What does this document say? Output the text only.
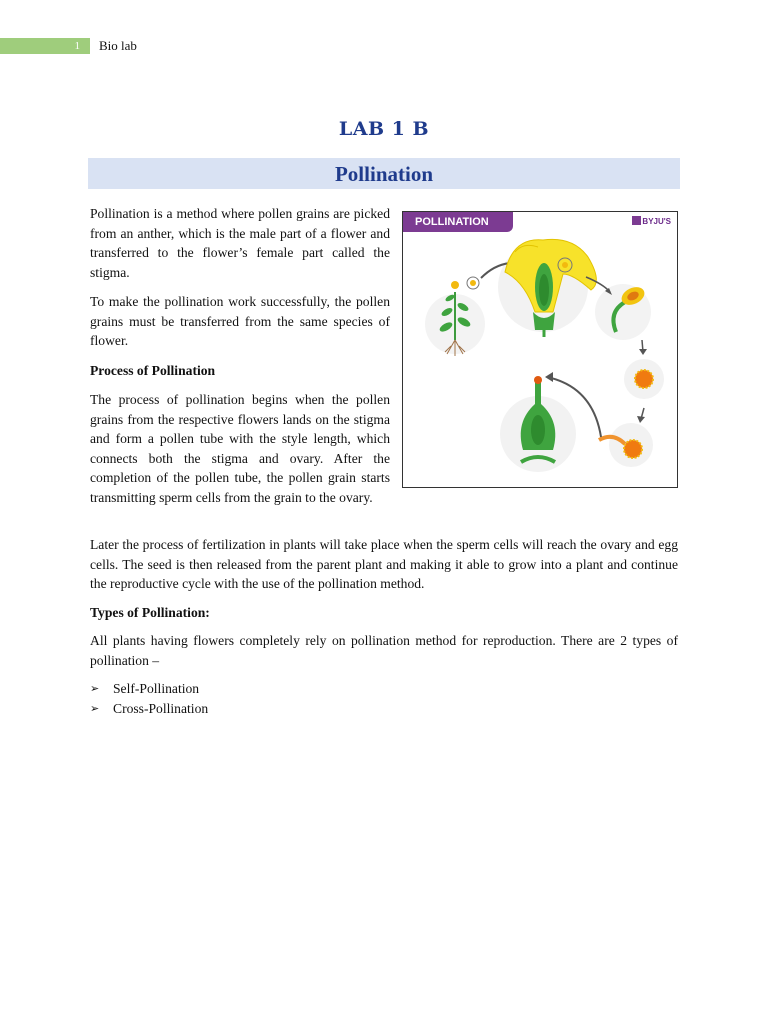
1 Bio lab
LAB 1 B
Pollination

Pollination is a method where pollen grains are picked from an anther, which is the male part of a flower and transferred to the flower’s female part called the stigma.

To make the pollination work successfully, the pollen grains must be transferred from the same species of flower.

Process of Pollination

The process of pollination begins when the pollen grains from the respective flowers lands on the stigma and form a pollen tube with the style length, which connects both the stigma and ovary. After the completion of the pollen tube, the pollen grain starts transmitting sperm cells from the grain to the ovary.

POLLINATION	BYJU'S

Later the process of fertilization in plants will take place when the sperm cells will reach the ovary and egg cells. The seed is then released from the parent plant and making it able to grow into a plant and continue the reproductive cycle with the use of the pollination method.

Types of Pollination:

All plants having flowers completely rely on pollination method for reproduction. There are 2 types of pollination –

➢ Self-Pollination
➢ Cross-Pollination
